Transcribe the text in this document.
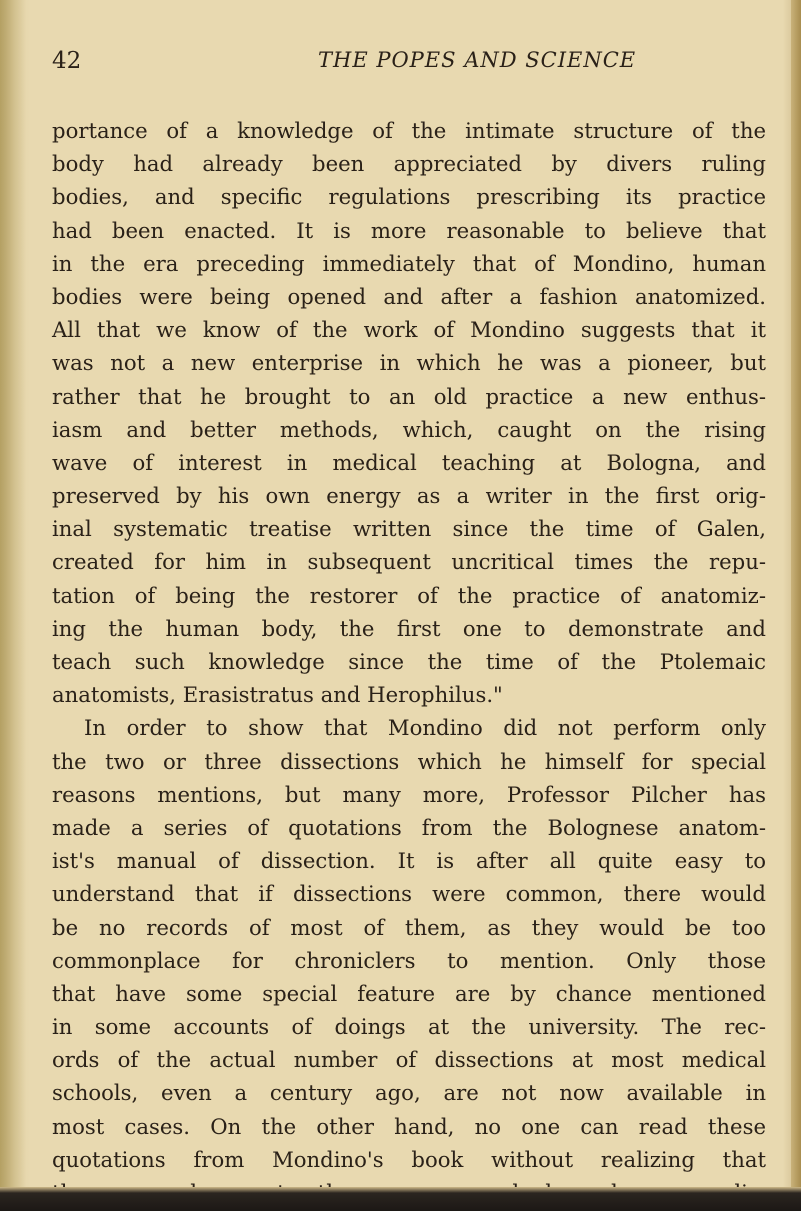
42	THE POPES AND SCIENCE
portance of a knowledge of the intimate structure of the
body had already been appreciated by divers ruling
bodies, and specific regulations prescribing its practice
had been enacted. It is more reasonable to believe that
in the era preceding immediately that of Mondino, human
bodies were being opened and after a fashion anatomized.
All that we know of the work of Mondino suggests that it
was not a new enterprise in which he was a pioneer, but
rather that he brought to an old practice a new enthus-
iasm and better methods, which, caught on the rising
wave of interest in medical teaching at Bologna, and
preserved by his own energy as a writer in the first orig-
inal systematic treatise written since the time of Galen,
created for him in subsequent uncritical times the repu-
tation of being the restorer of the practice of anatomiz-
ing the human body, the first one to demonstrate and
teach such knowledge since the time of the Ptolemaic
anatomists, Erasistratus and Herophilus."
In order to show that Mondino did not perform only
the two or three dissections which he himself for special
reasons mentions, but many more, Professor Pilcher has
made a series of quotations from the Bolognese anatom-
ist's manual of dissection. It is after all quite easy to
understand that if dissections were common, there would
be no records of most of them, as they would be too
commonplace for chroniclers to mention. Only those
that have some special feature are by chance mentioned
in some accounts of doings at the university. The rec-
ords of the actual number of dissections at most medical
schools, even a century ago, are not now available in
most cases. On the other hand, no one can read these
quotations from Mondino's book without realizing that
